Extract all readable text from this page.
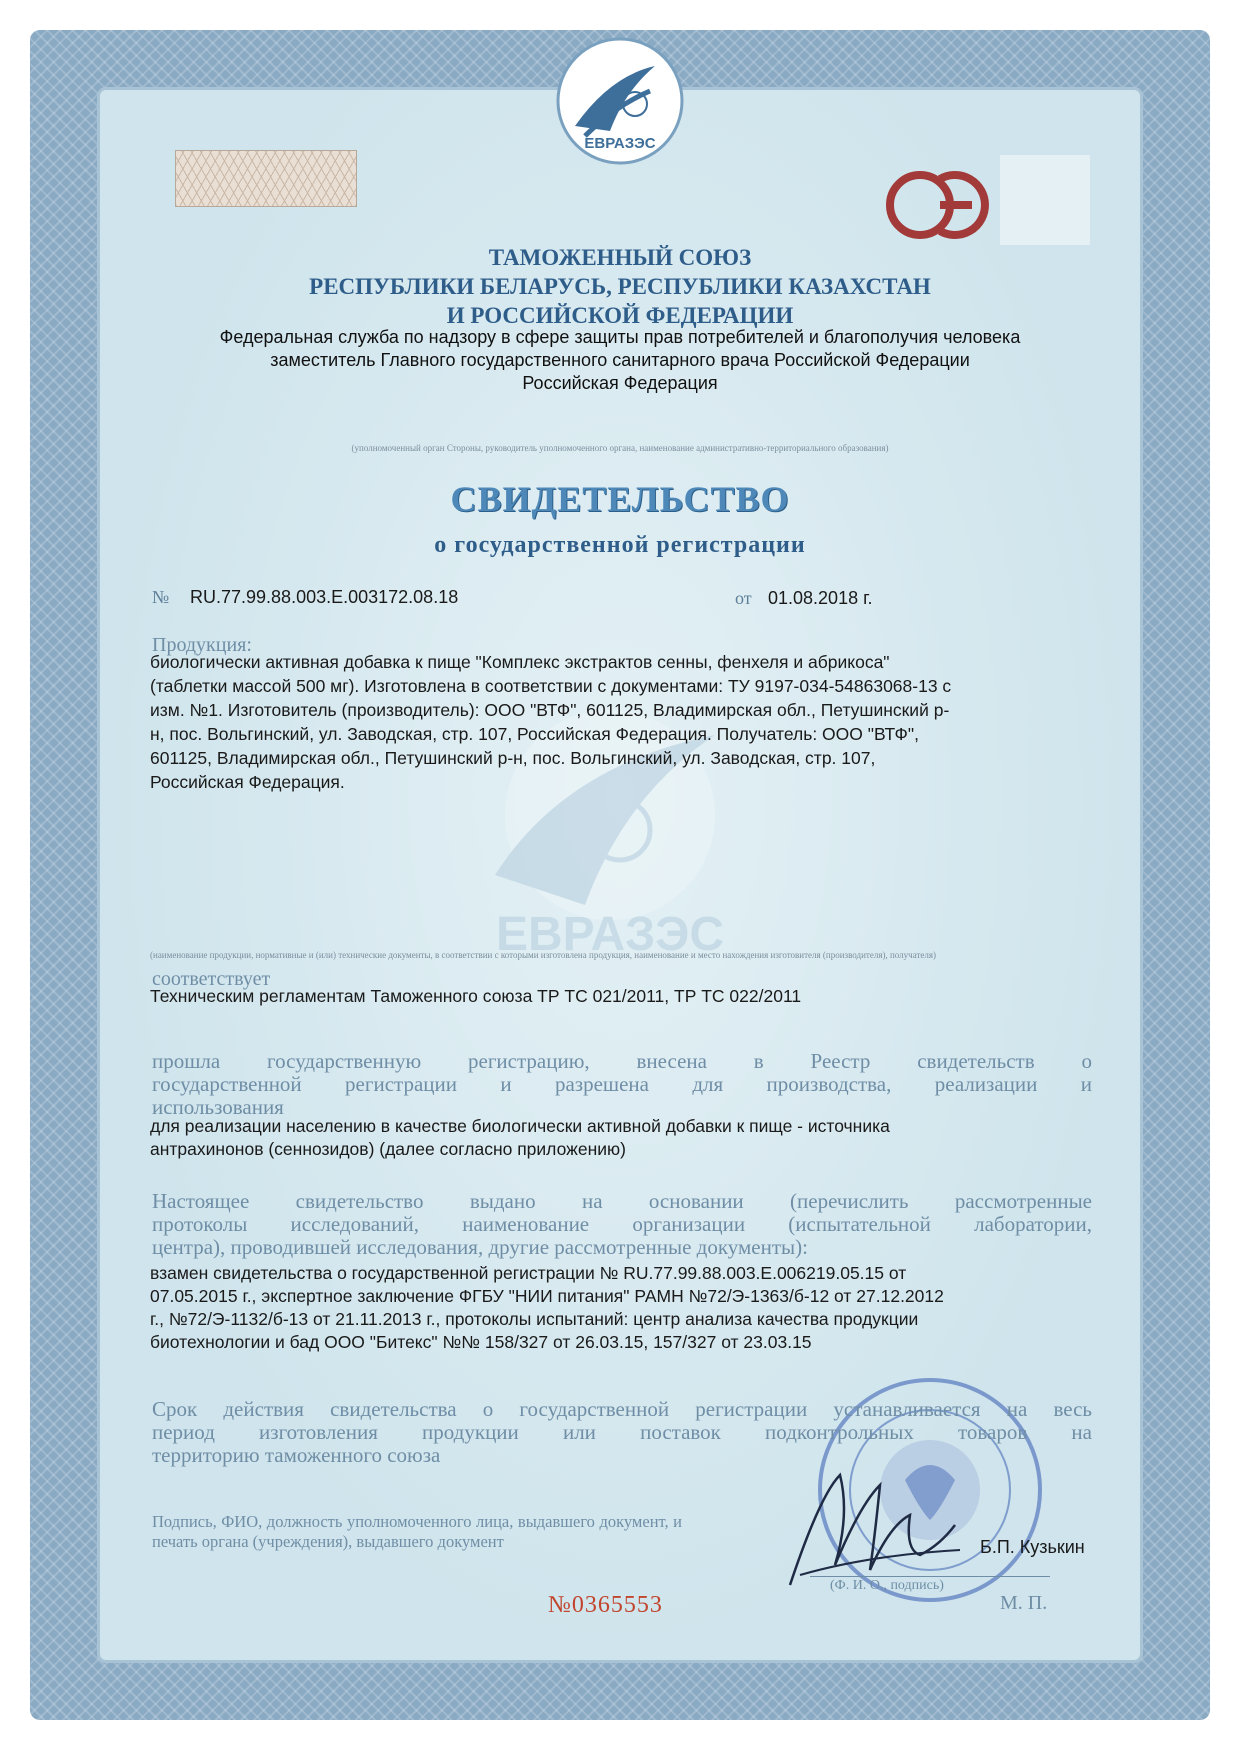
ЕВРАЗЭС
ТАМОЖЕННЫЙ СОЮЗ
РЕСПУБЛИКИ БЕЛАРУСЬ, РЕСПУБЛИКИ КАЗАХСТАН
И РОССИЙСКОЙ ФЕДЕРАЦИИ
Федеральная служба по надзору в сфере защиты прав потребителей и благополучия человека
заместитель Главного государственного санитарного врача Российской Федерации
Российская Федерация
(уполномоченный орган Стороны, руководитель уполномоченного органа, наименование административно-территориального образования)
СВИДЕТЕЛЬСТВО
о государственной регистрации
№ RU.77.99.88.003.Е.003172.08.18	от 01.08.2018 г.
ЕВРАЗЭС
Продукция:
биологически активная добавка к пище "Комплекс экстрактов сенны, фенхеля и абрикоса"
(таблетки массой 500 мг). Изготовлена в соответствии с документами: ТУ 9197-034-54863068-13 с
изм. №1. Изготовитель (производитель): ООО "ВТФ", 601125, Владимирская обл., Петушинский р-
н, пос. Вольгинский, ул. Заводская, стр. 107, Российская Федерация. Получатель: ООО "ВТФ",
601125, Владимирская обл., Петушинский р-н, пос. Вольгинский, ул. Заводская, стр. 107,
Российская Федерация.
(наименование продукции, нормативные и (или) технические документы, в соответствии с которыми изготовлена продукция, наименование и место нахождения изготовителя (производителя), получателя)
соответствует
Техническим регламентам Таможенного союза ТР ТС 021/2011, ТР ТС 022/2011
прошла государственную регистрацию, внесена в Реестр свидетельств о
государственной регистрации и разрешена для производства, реализации и
использования
для реализации населению в качестве биологически активной добавки к пище - источника
антрахинонов (сеннозидов) (далее согласно приложению)
Настоящее свидетельство выдано на основании (перечислить рассмотренные
протоколы исследований, наименование организации (испытательной лаборатории,
центра), проводившей исследования, другие рассмотренные документы):
взамен свидетельства о государственной регистрации № RU.77.99.88.003.Е.006219.05.15 от
07.05.2015 г., экспертное заключение ФГБУ "НИИ питания" РАМН №72/Э-1363/б-12 от 27.12.2012
г., №72/Э-1132/б-13 от 21.11.2013 г., протоколы испытаний: центр анализа качества продукции
биотехнологии и бад ООО "Битекс" №№ 158/327 от 26.03.15, 157/327 от 23.03.15
Срок действия свидетельства о государственной регистрации устанавливается на весь
период изготовления продукции или поставок подконтрольных товаров на
территорию таможенного союза
Подпись, ФИО, должность уполномоченного лица, выдавшего документ, и печать органа (учреждения), выдавшего документ
(Ф. И. О., подпись)
Б.П. Кузькин
М. П.
№0365553
